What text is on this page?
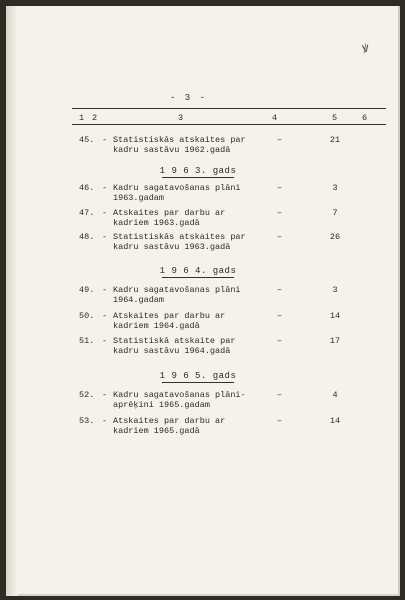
ꝟ
- 3 -
1 2	3	4	5	6
45. - Statistiskās atskaites par
kadru sastāvu 1962.gadā
–	21
1 9 6 3. gads
46. - Kadru sagatavošanas plāni
1963.gadam
–	3
47. - Atskaites par darbu ar
kadriem 1963.gadā
–	7
48. - Statistiskās atskaites par
kadru sastāvu 1963.gadā
–	26
1 9 6 4. gads
49. - Kadru sagatavošanas plāni
1964.gadam
–	3
50. - Atskaites par darbu ar
kadriem 1964.gadā
–	14
51. - Statistiskā atskaite par
kadru sastāvu 1964.gadā
–	17
1 9 6 5. gads
52. - Kadru sagatavošanas plāni-
aprēķini 1965.gadam
–	4
53. - Atskaites par darbu ar
kadriem 1965.gadā
–	14
